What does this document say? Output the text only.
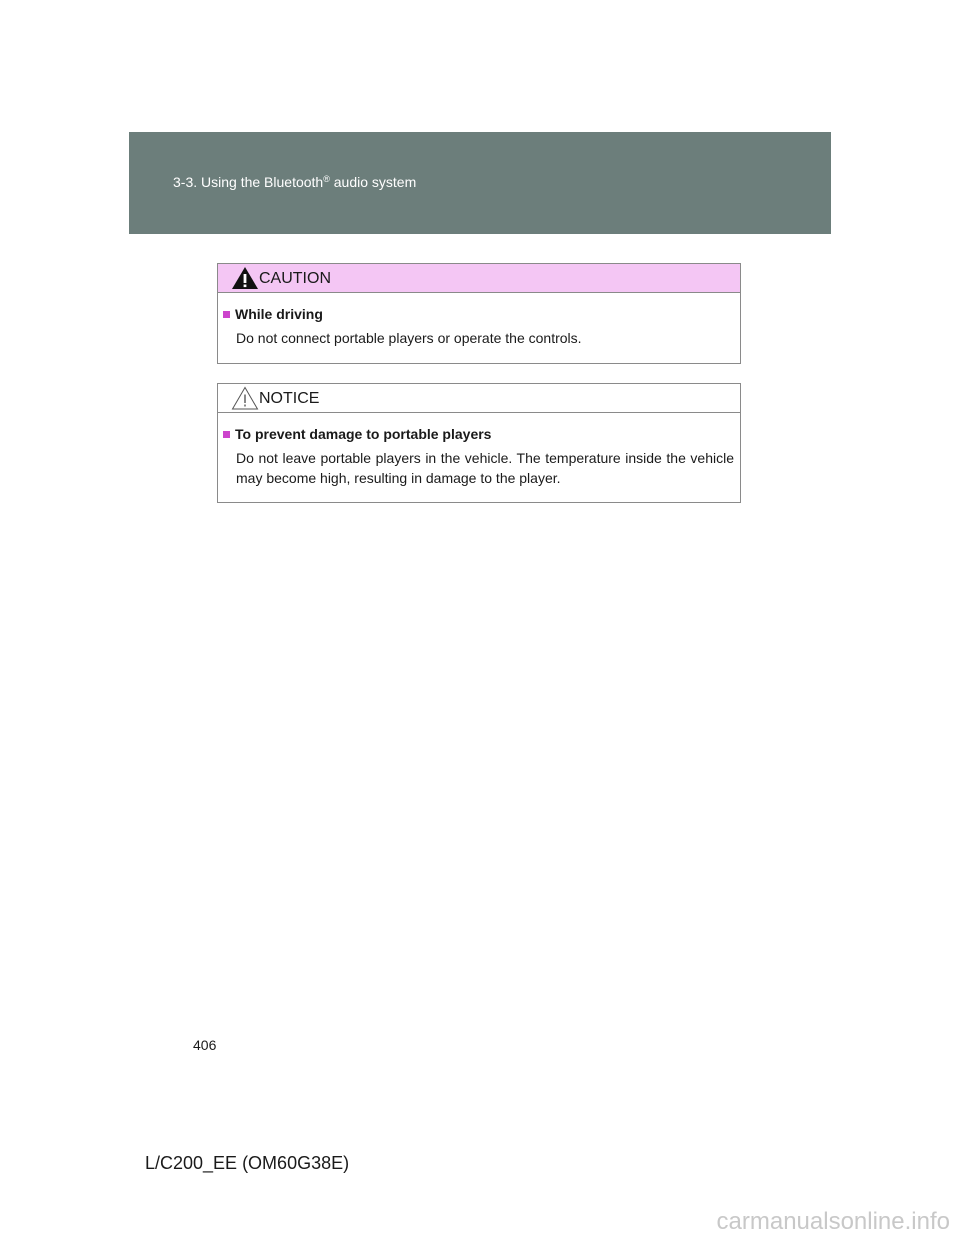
3-3. Using the Bluetooth® audio system
CAUTION
While driving

Do not connect portable players or operate the controls.

NOTICE
To prevent damage to portable players

Do not leave portable players in the vehicle. The temperature inside the vehicle may become high, resulting in damage to the player.

406
L/C200_EE (OM60G38E)
carmanualsonline.info
